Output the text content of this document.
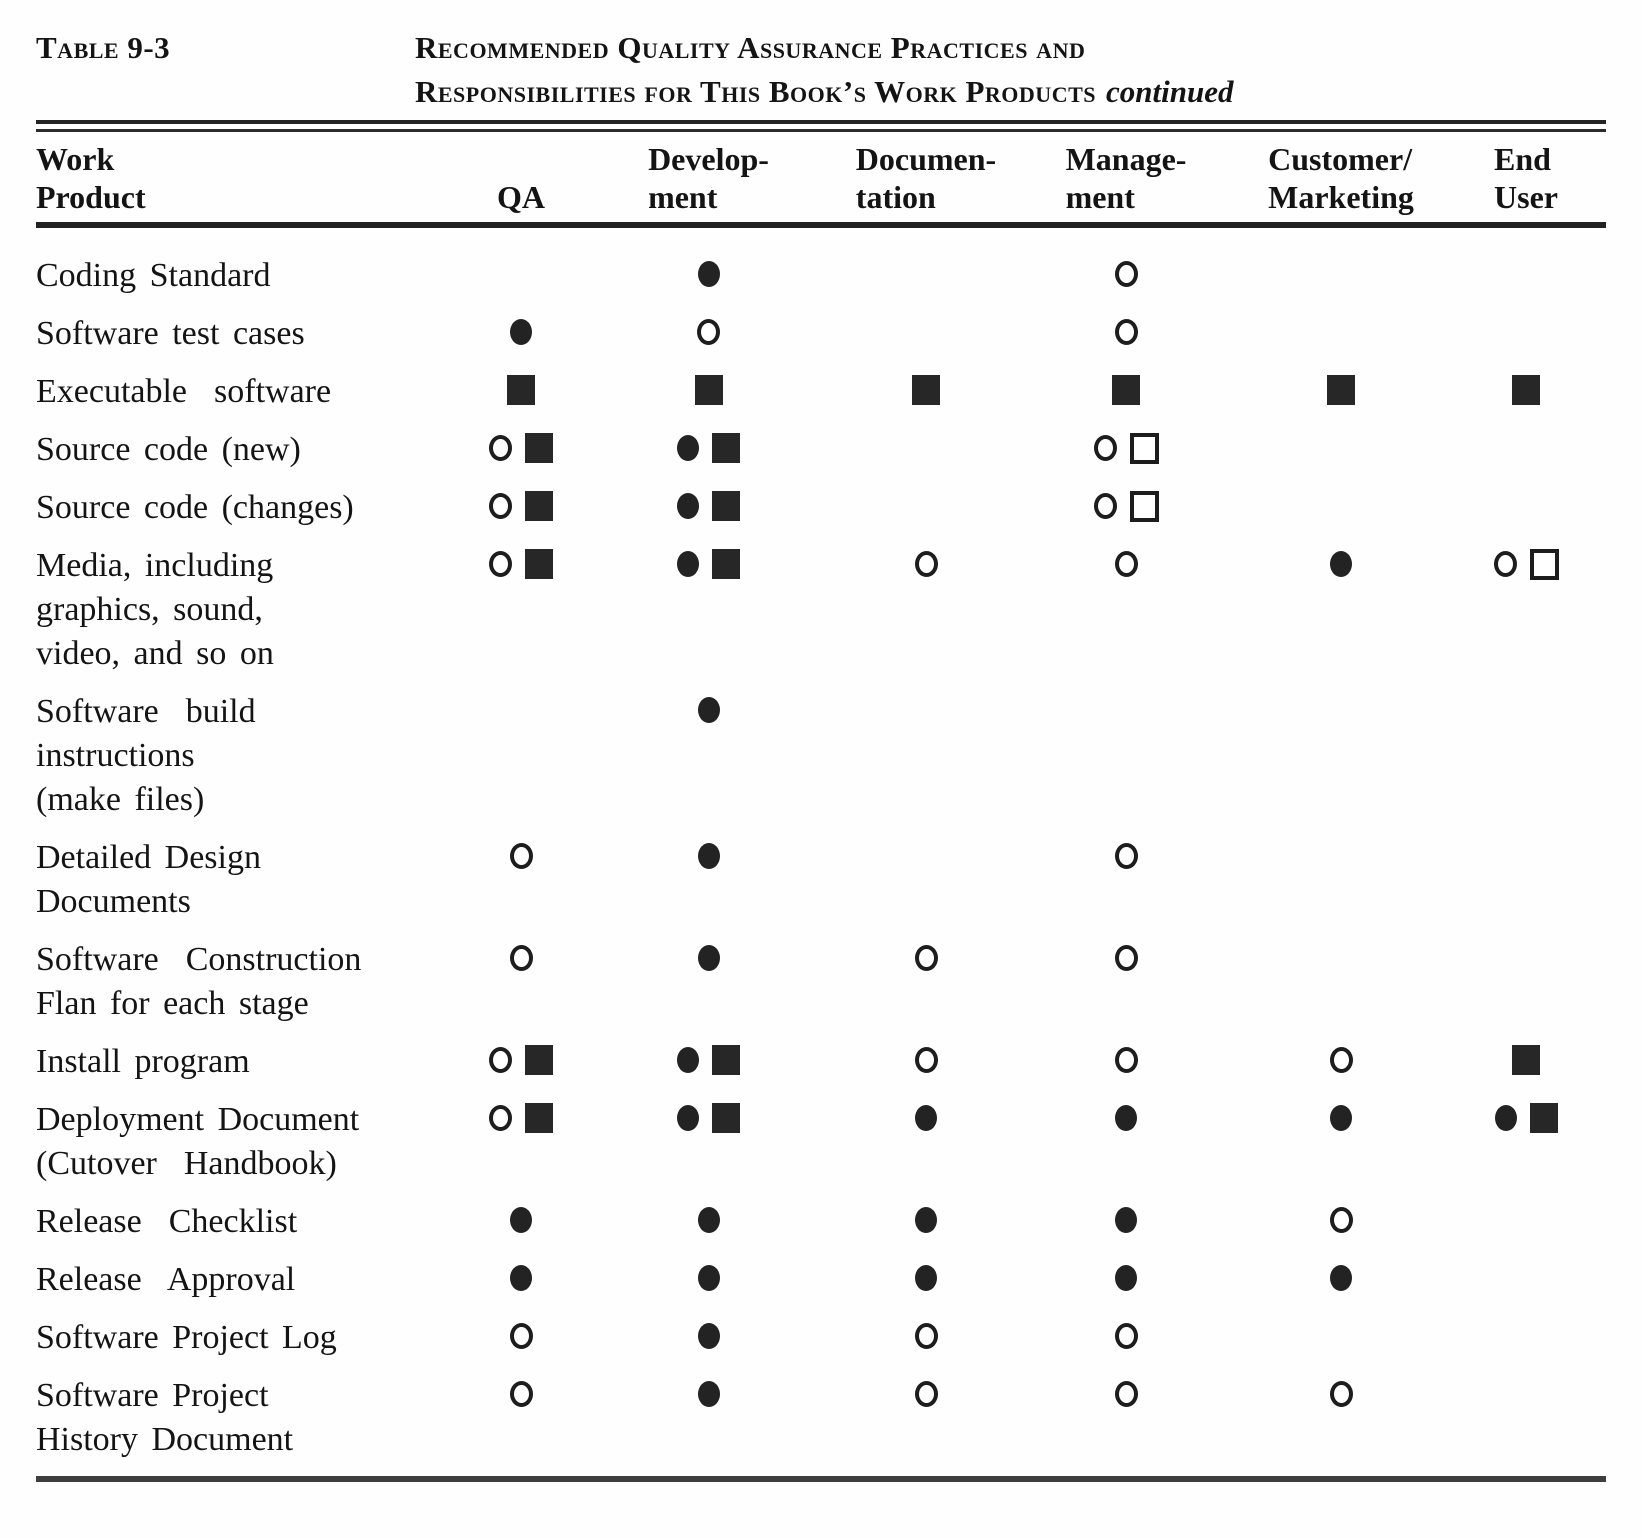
Table 9-3	Recommended Quality Assurance Practices and
Responsibilities for This Book’s Work Products continued
Work
Product	QA
Develop-
ment
Documen-
tation
Manage-
ment
Customer/
Marketing
End
User
Coding Standard
Software test cases
Executable  software
Source code (new)
Source code (changes)
Media, including
graphics, sound,
video, and so on
Software  build
instructions
(make files)
Detailed Design
Documents
Software  Construction
Flan for each stage
Install program
Deployment Document
(Cutover  Handbook)
Release  Checklist
Release  Approval
Software Project Log
Software Project
History Document
